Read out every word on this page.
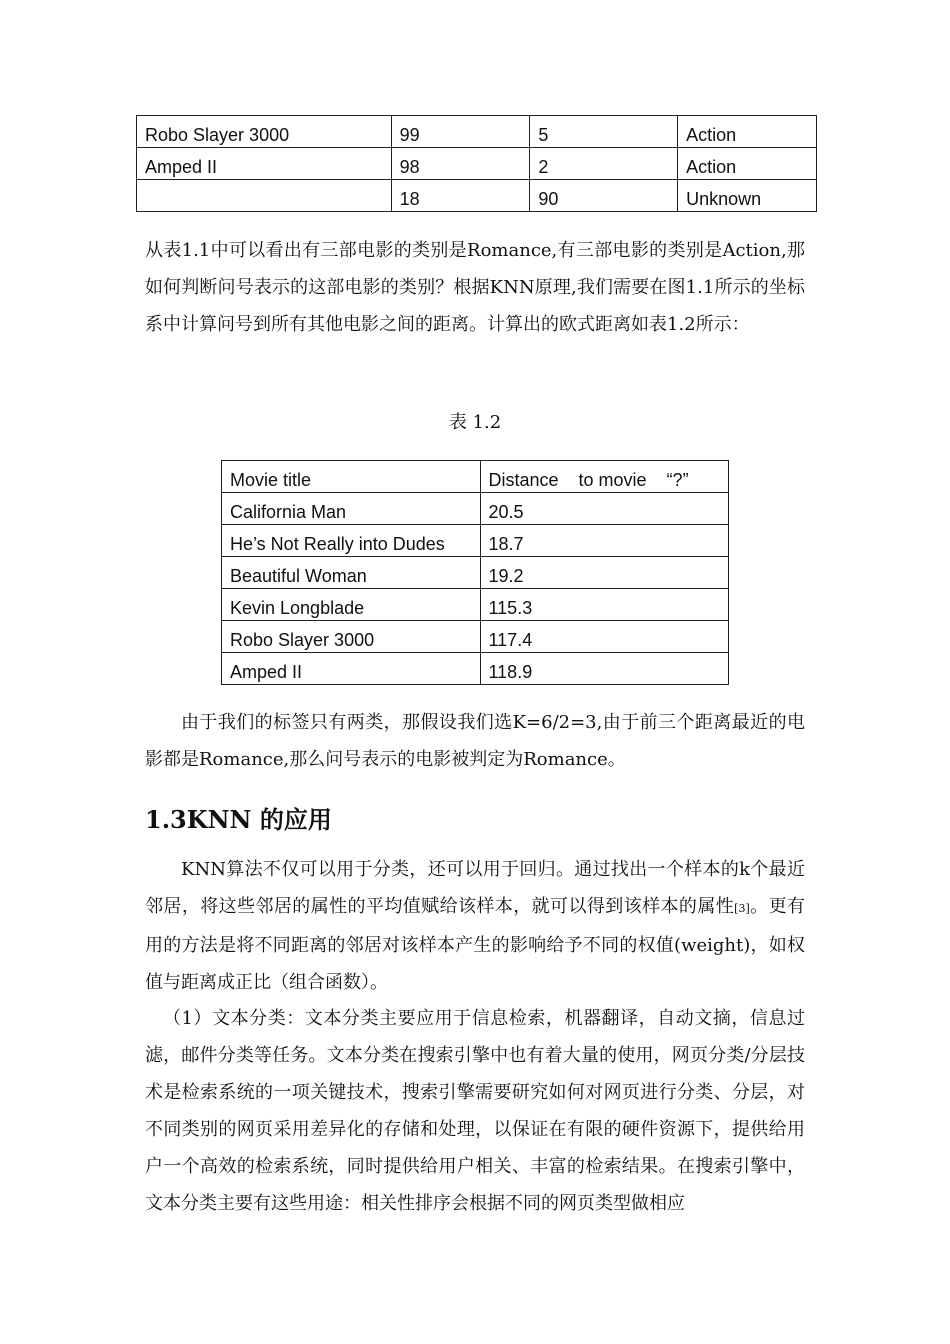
Robo Slayer 3000	99	5	Action
Amped II	98	2	Action
	18	90	Unknown
从表1.1中可以看出有三部电影的类别是Romance,有三部电影的类别是Action,那如何判断问号表示的这部电影的类别？根据KNN原理,我们需要在图1.1所示的坐标系中计算问号到所有其他电影之间的距离。计算出的欧式距离如表1.2所示：
表 1.2
Movie title	Distance    to movie    “?”
California Man	20.5
He’s Not Really into Dudes	18.7
Beautiful Woman	19.2
Kevin Longblade	115.3
Robo Slayer 3000	117.4
Amped II	118.9
由于我们的标签只有两类，那假设我们选K=6/2=3,由于前三个距离最近的电影都是Romance,那么问号表示的电影被判定为Romance。
1.3KNN 的应用
KNN算法不仅可以用于分类，还可以用于回归。通过找出一个样本的k个最近邻居，将这些邻居的属性的平均值赋给该样本，就可以得到该样本的属性[3]。更有用的方法是将不同距离的邻居对该样本产生的影响给予不同的权值(weight)，如权值与距离成正比（组合函数）。
（1）文本分类：文本分类主要应用于信息检索，机器翻译，自动文摘，信息过滤，邮件分类等任务。文本分类在搜索引擎中也有着大量的使用，网页分类/分层技术是检索系统的一项关键技术，搜索引擎需要研究如何对网页进行分类、分层，对不同类别的网页采用差异化的存储和处理，以保证在有限的硬件资源下，提供给用户一个高效的检索系统，同时提供给用户相关、丰富的检索结果。在搜索引擎中，文本分类主要有这些用途：相关性排序会根据不同的网页类型做相应
